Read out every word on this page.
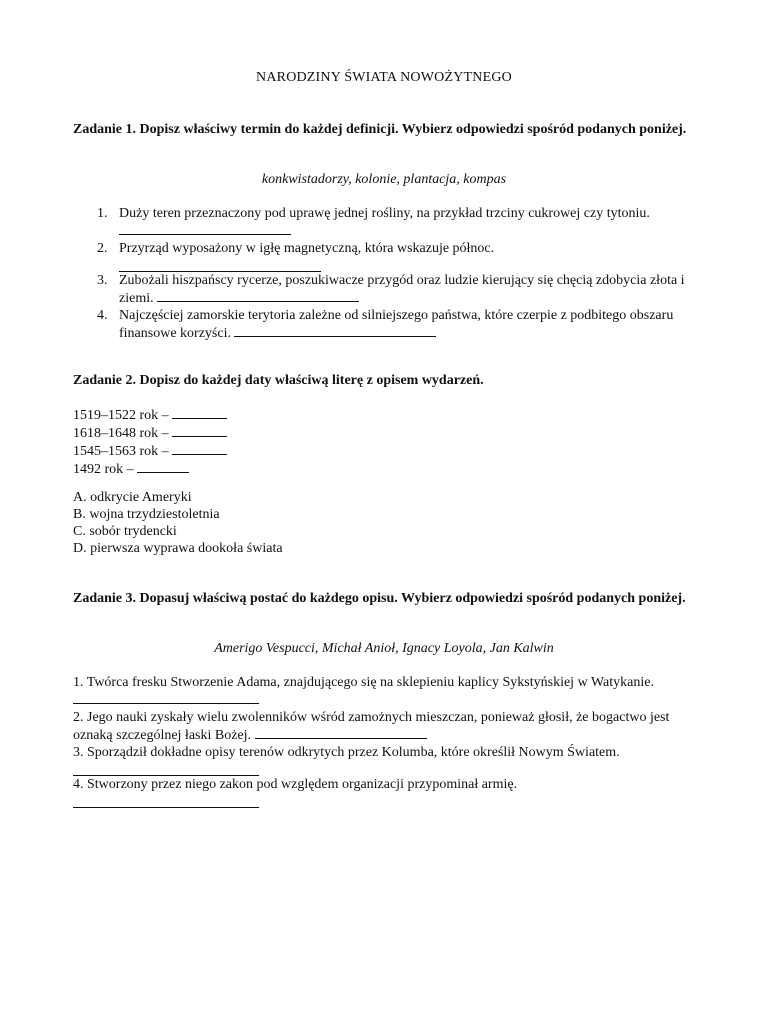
NARODZINY ŚWIATA NOWOŻYTNEGO
Zadanie 1. Dopisz właściwy termin do każdej definicji. Wybierz odpowiedzi spośród podanych poniżej.
konkwistadorzy, kolonie, plantacja, kompas
1. Duży teren przeznaczony pod uprawę jednej rośliny, na przykład trzciny cukrowej czy tytoniu.
2. Przyrząd wyposażony w igłę magnetyczną, która wskazuje północ.
3. Zubożali hiszpańscy rycerze, poszukiwacze przygód oraz ludzie kierujący się chęcią zdobycia złota i ziemi.
4. Najczęściej zamorskie terytoria zależne od silniejszego państwa, które czerpie z podbitego obszaru finansowe korzyści.
Zadanie 2. Dopisz do każdej daty właściwą literę z opisem wydarzeń.
1519–1522 rok –
1618–1648 rok –
1545–1563 rok –
1492 rok –
A. odkrycie Ameryki
B. wojna trzydziestoletnia
C. sobór trydencki
D. pierwsza wyprawa dookoła świata
Zadanie 3. Dopasuj właściwą postać do każdego opisu. Wybierz odpowiedzi spośród podanych poniżej.
Amerigo Vespucci, Michał Anioł, Ignacy Loyola, Jan Kalwin
1. Twórca fresku Stworzenie Adama, znajdującego się na sklepieniu kaplicy Sykstyńskiej w Watykanie.
2. Jego nauki zyskały wielu zwolenników wśród zamożnych mieszczan, ponieważ głosił, że bogactwo jest oznaką szczególnej łaski Bożej.
3. Sporządził dokładne opisy terenów odkrytych przez Kolumba, które określił Nowym Światem.
4. Stworzony przez niego zakon pod względem organizacji przypominał armię.
